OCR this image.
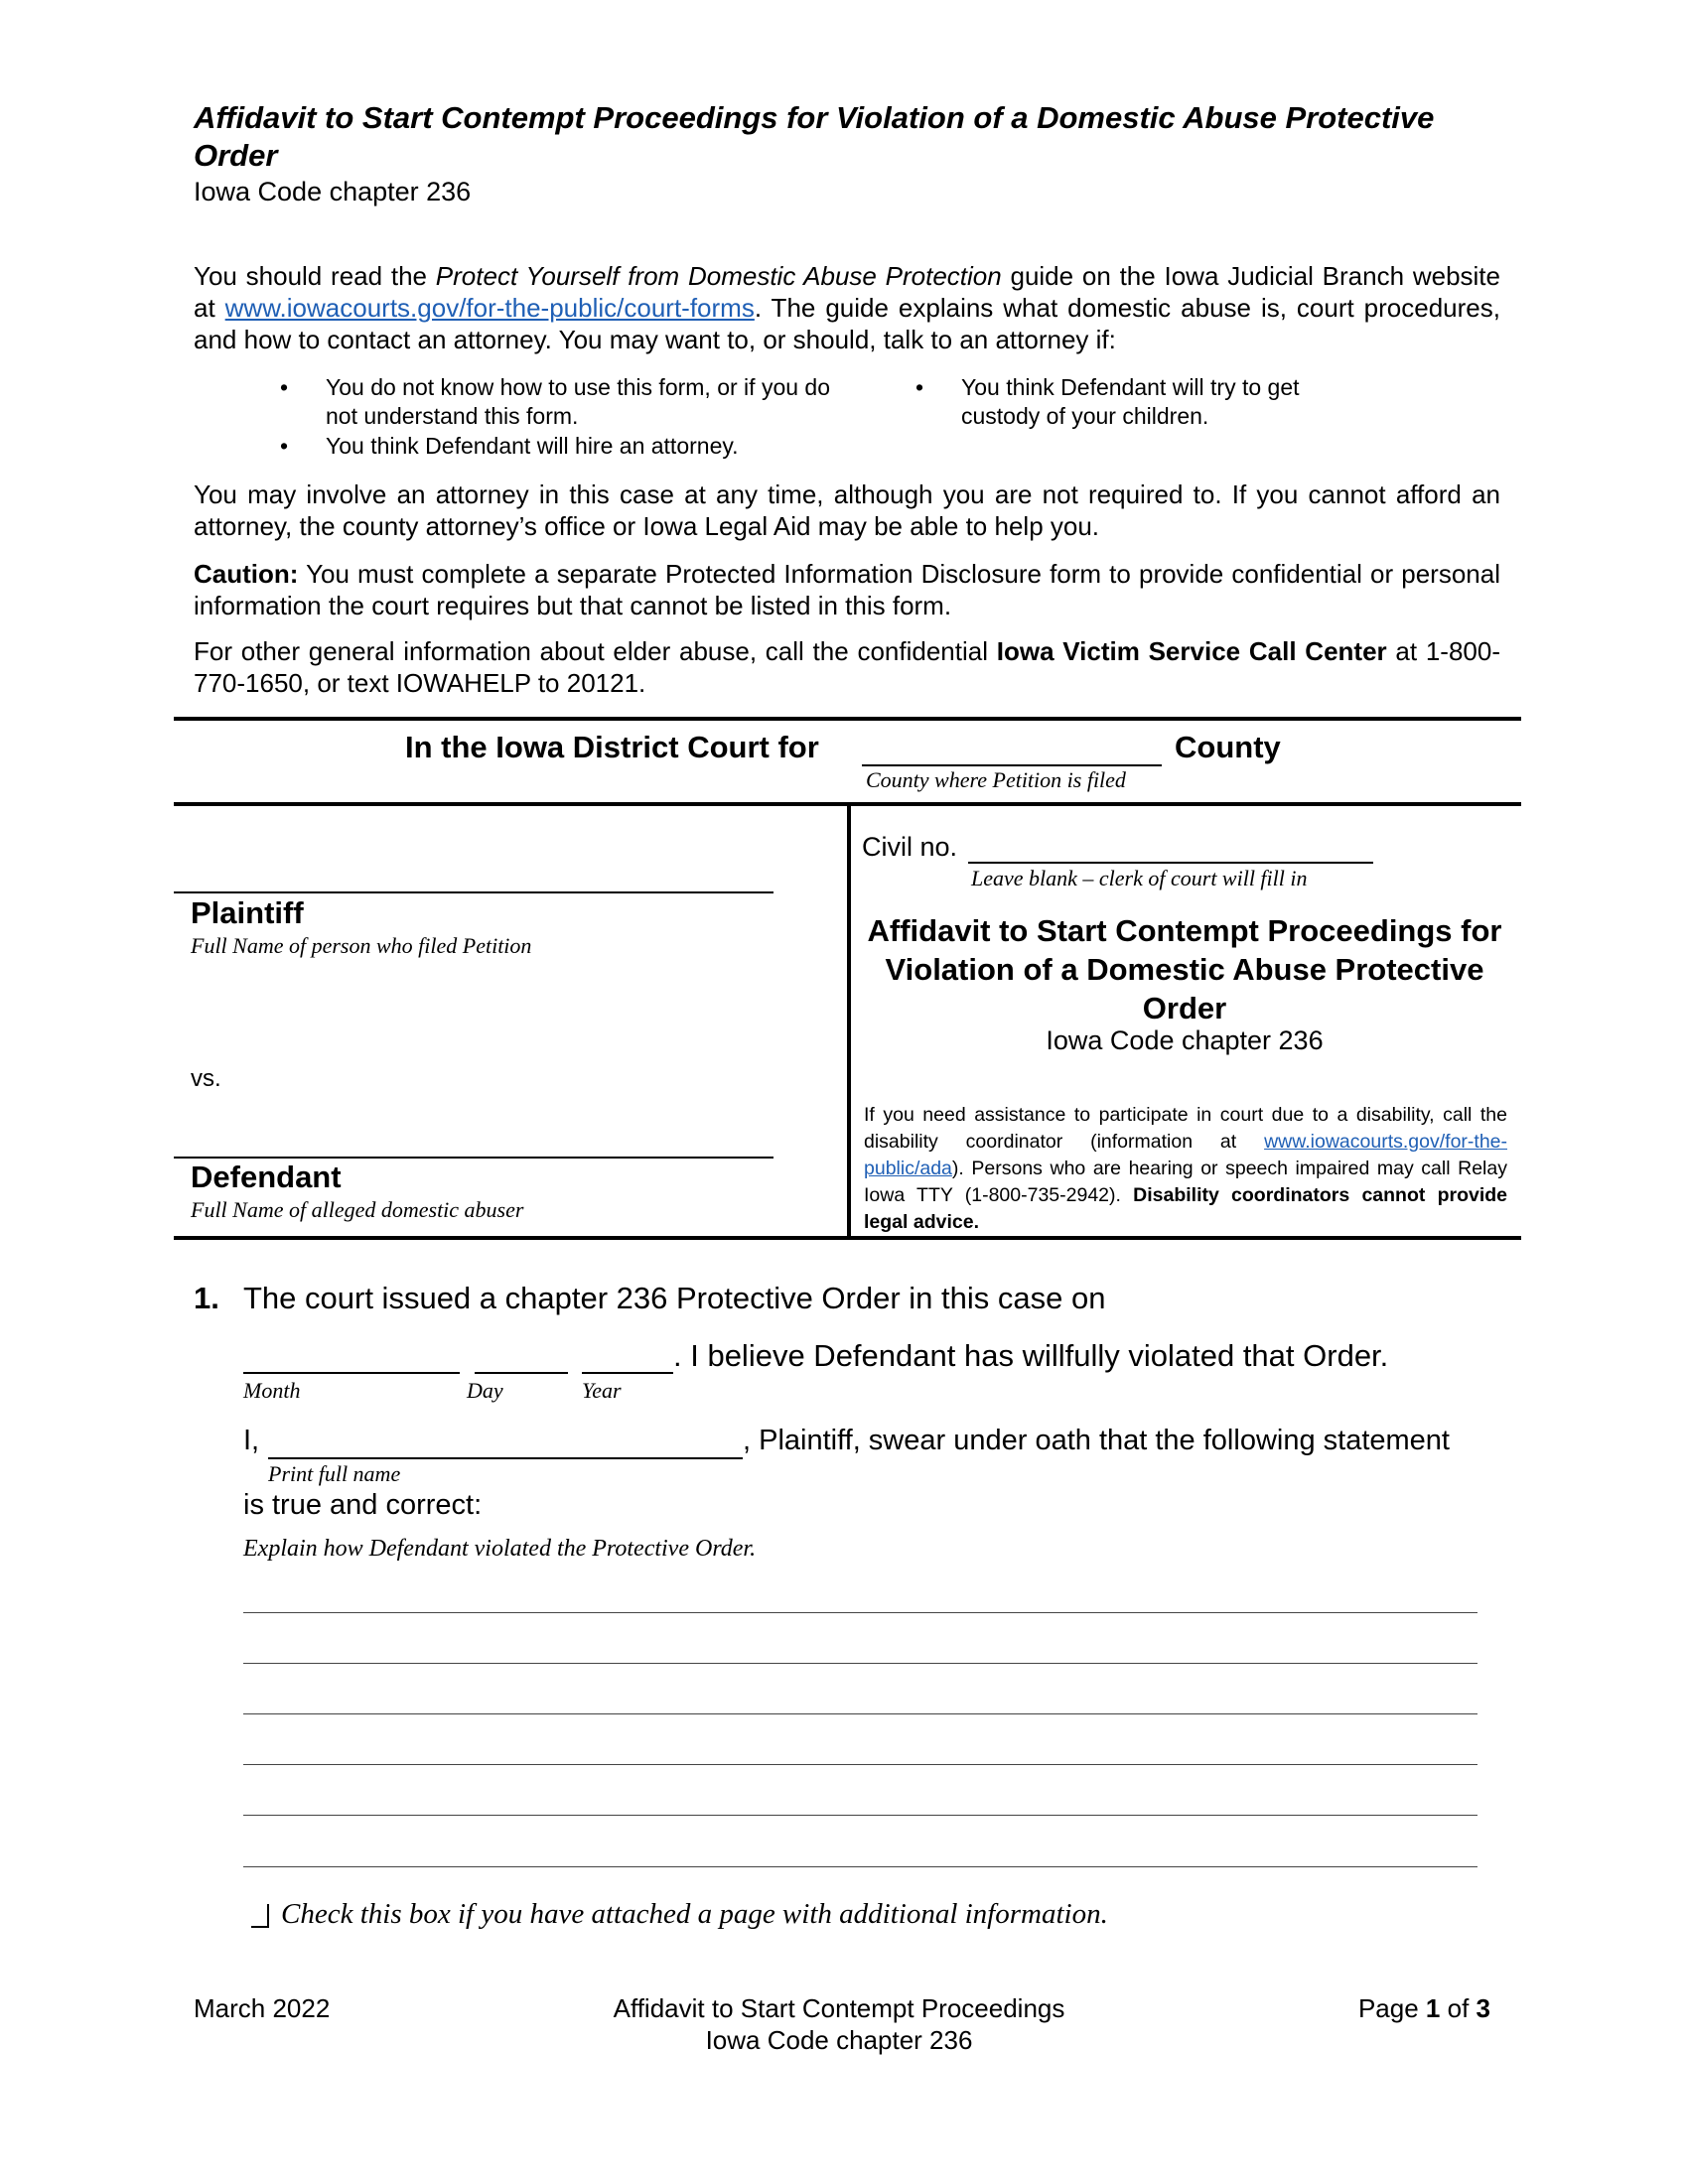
Affidavit to Start Contempt Proceedings for Violation of a Domestic Abuse Protective Order
Iowa Code chapter 236
You should read the Protect Yourself from Domestic Abuse Protection guide on the Iowa Judicial Branch website at www.iowacourts.gov/for-the-public/court-forms. The guide explains what domestic abuse is, court procedures, and how to contact an attorney. You may want to, or should, talk to an attorney if:
• You do not know how to use this form, or if you do not understand this form.
• You think Defendant will hire an attorney.
• You think Defendant will try to get custody of your children.
You may involve an attorney in this case at any time, although you are not required to. If you cannot afford an attorney, the county attorney’s office or Iowa Legal Aid may be able to help you.
Caution: You must complete a separate Protected Information Disclosure form to provide confidential or personal information the court requires but that cannot be listed in this form.
For other general information about elder abuse, call the confidential Iowa Victim Service Call Center at 1-800-770-1650, or text IOWAHELP to 20121.
In the Iowa District Court for	County
County where Petition is filed
Plaintiff
Full Name of person who filed Petition
vs.
Defendant
Full Name of alleged domestic abuser
Civil no.
Leave blank – clerk of court will fill in
Affidavit to Start Contempt Proceedings for Violation of a Domestic Abuse Protective Order
Iowa Code chapter 236
If you need assistance to participate in court due to a disability, call the disability coordinator (information at www.iowacourts.gov/for-the-public/ada). Persons who are hearing or speech impaired may call Relay Iowa TTY (1-800-735-2942). Disability coordinators cannot provide legal advice.
1. The court issued a chapter 236 Protective Order in this case on
. I believe Defendant has willfully violated that Order.
Month	Day	Year
I,	, Plaintiff, swear under oath that the following statement
Print full name
is true and correct:
Explain how Defendant violated the Protective Order.
Check this box if you have attached a page with additional information.
March 2022	Affidavit to Start Contempt Proceedings
Iowa Code chapter 236
Page 1 of 3
